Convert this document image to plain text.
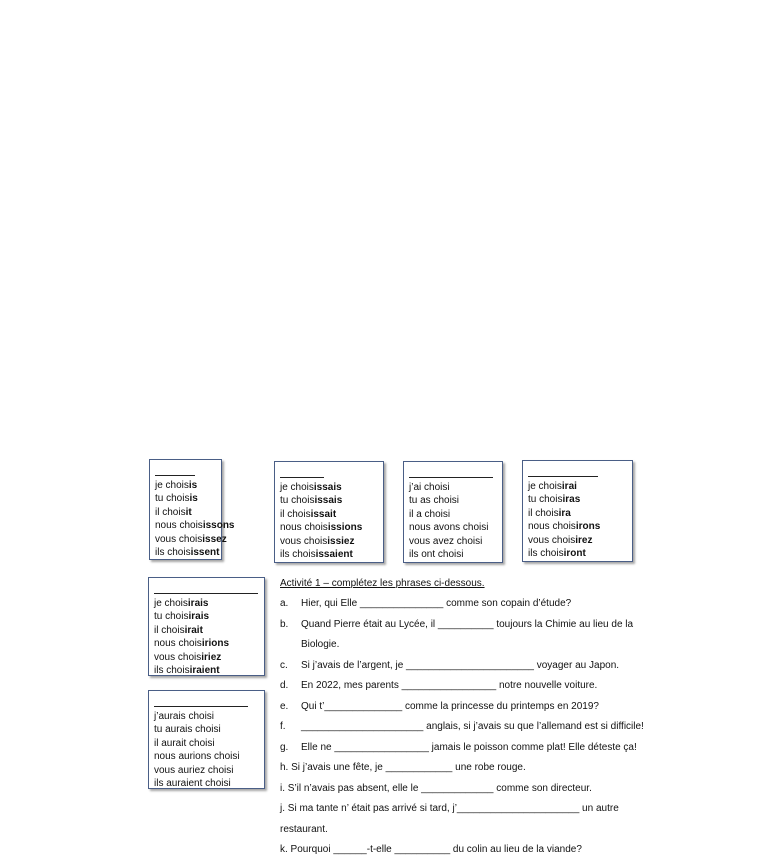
je choisis
tu choisis
il choisit
nous choisissons
vous choisissez
ils choisissent
je choisissais
tu choisissais
il choisissait
nous choisissions
vous choisissiez
ils choisissaient
j’ai choisi
tu as choisi
il a choisi
nous avons choisi
vous avez choisi
ils ont choisi
je choisirai
tu choisiras
il choisira
nous choisirons
vous choisirez
ils choisiront
je choisirais
tu choisirais
il choisirait
nous choisirions
vous choisiriez
ils choisiraient
j’aurais choisi
tu aurais choisi
il aurait choisi
nous aurions choisi
vous auriez choisi
ils auraient choisi
Activité 1 – complétez les phrases ci-dessous.
a. Hier, qui Elle _______________ comme son copain d’étude?
b. Quand Pierre était au Lycée, il __________ toujours la Chimie au lieu de la
Biologie.
c. Si j’avais de l’argent, je _______________________ voyager au Japon.
d. En 2022, mes parents _________________ notre nouvelle voiture.
e. Qui t’______________ comme la princesse du printemps en 2019?
f. ______________________ anglais, si j’avais su que l’allemand est si difficile!
g. Elle ne _________________ jamais le poisson comme plat! Elle déteste ça!
h. Si j’avais une fête, je ____________ une robe rouge.
i. S’il n’avais pas absent, elle le _____________ comme son directeur.
j. Si ma tante n’ était pas arrivé si tard, j’______________________ un autre
restaurant.
k. Pourquoi ______-t-elle __________ du colin au lieu de la viande?
